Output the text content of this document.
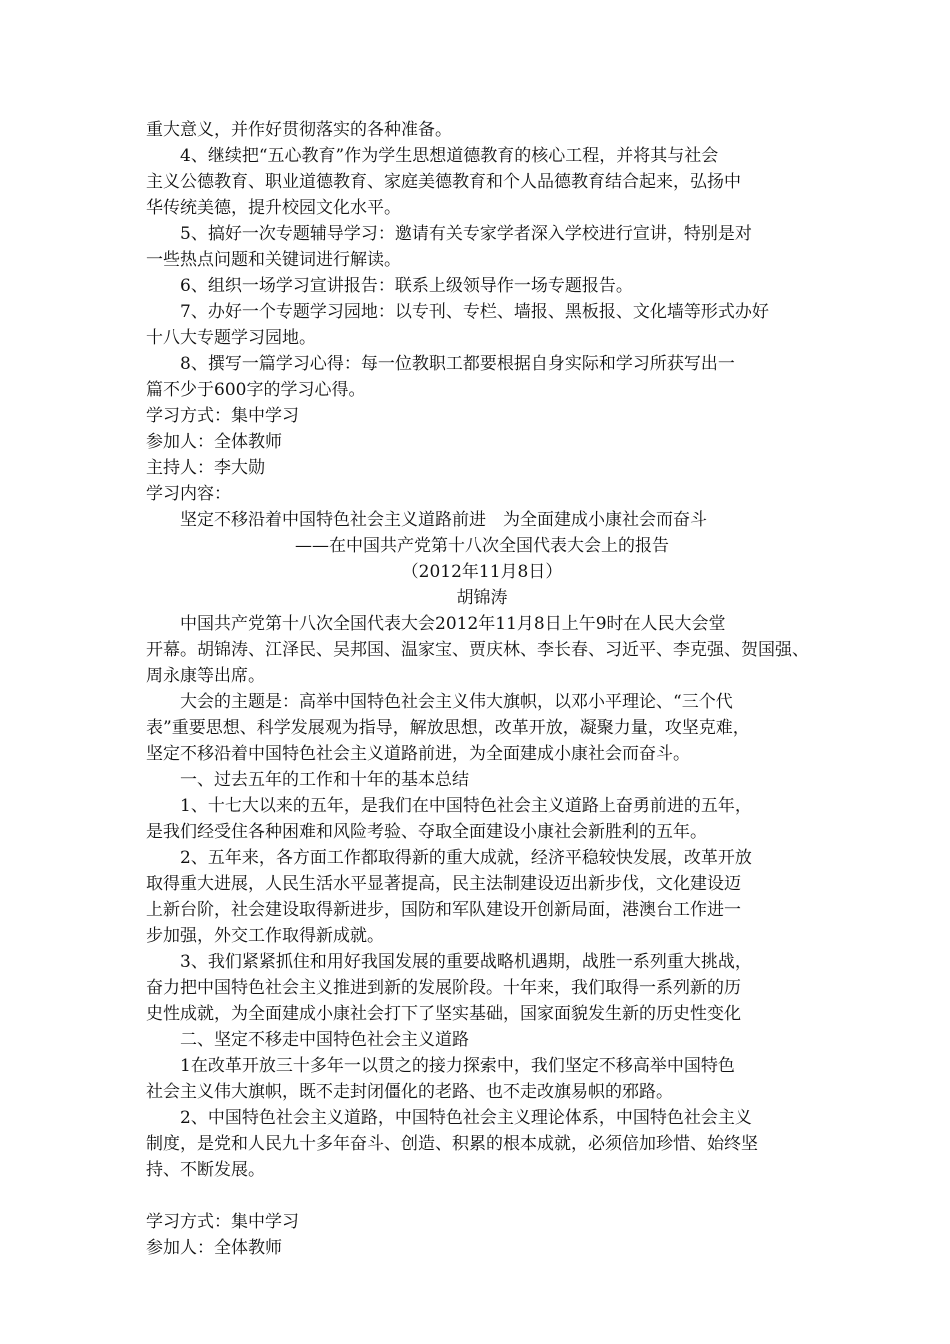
重大意义，并作好贯彻落实的各种准备。
4、继续把“五心教育”作为学生思想道德教育的核心工程，并将其与社会
主义公德教育、职业道德教育、家庭美德教育和个人品德教育结合起来，弘扬中
华传统美德，提升校园文化水平。
5、搞好一次专题辅导学习：邀请有关专家学者深入学校进行宣讲，特别是对
一些热点问题和关键词进行解读。
6、组织一场学习宣讲报告：联系上级领导作一场专题报告。
7、办好一个专题学习园地：以专刊、专栏、墙报、黑板报、文化墙等形式办好
十八大专题学习园地。
8、撰写一篇学习心得：每一位教职工都要根据自身实际和学习所获写出一
篇不少于600字的学习心得。
学习方式：集中学习
参加人：全体教师
主持人：李大勋
学习内容：
坚定不移沿着中国特色社会主义道路前进　为全面建成小康社会而奋斗
——在中国共产党第十八次全国代表大会上的报告
（2012年11月8日）
胡锦涛
中国共产党第十八次全国代表大会2012年11月8日上午9时在人民大会堂
开幕。胡锦涛、江泽民、吴邦国、温家宝、贾庆林、李长春、习近平、李克强、贺国强、
周永康等出席。
大会的主题是：高举中国特色社会主义伟大旗帜，以邓小平理论、“三个代
表”重要思想、科学发展观为指导，解放思想，改革开放，凝聚力量，攻坚克难，
坚定不移沿着中国特色社会主义道路前进，为全面建成小康社会而奋斗。
一、过去五年的工作和十年的基本总结
1、十七大以来的五年，是我们在中国特色社会主义道路上奋勇前进的五年，
是我们经受住各种困难和风险考验、夺取全面建设小康社会新胜利的五年。
2、五年来，各方面工作都取得新的重大成就，经济平稳较快发展，改革开放
取得重大进展，人民生活水平显著提高，民主法制建设迈出新步伐，文化建设迈
上新台阶，社会建设取得新进步，国防和军队建设开创新局面，港澳台工作进一
步加强，外交工作取得新成就。
3、我们紧紧抓住和用好我国发展的重要战略机遇期，战胜一系列重大挑战，
奋力把中国特色社会主义推进到新的发展阶段。十年来，我们取得一系列新的历
史性成就，为全面建成小康社会打下了坚实基础，国家面貌发生新的历史性变化
二、坚定不移走中国特色社会主义道路
1在改革开放三十多年一以贯之的接力探索中，我们坚定不移高举中国特色
社会主义伟大旗帜，既不走封闭僵化的老路、也不走改旗易帜的邪路。
2、中国特色社会主义道路，中国特色社会主义理论体系，中国特色社会主义
制度，是党和人民九十多年奋斗、创造、积累的根本成就，必须倍加珍惜、始终坚
持、不断发展。
学习方式：集中学习
参加人：全体教师
